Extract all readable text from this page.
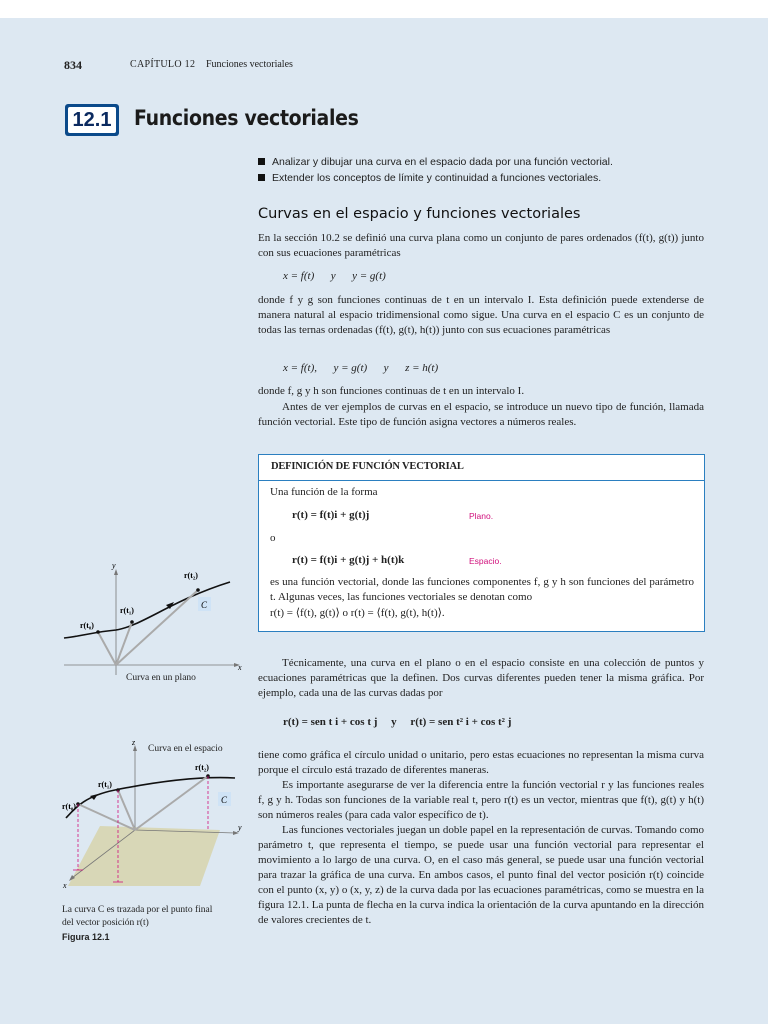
834	CAPÍTULO 12 Funciones vectoriales
12.1 Funciones vectoriales
Analizar y dibujar una curva en el espacio dada por una función vectorial.
Extender los conceptos de límite y continuidad a funciones vectoriales.
Curvas en el espacio y funciones vectoriales
En la sección 10.2 se definió una curva plana como un conjunto de pares ordenados (f(t), g(t)) junto con sus ecuaciones paramétricas
x = f(t)      y      y = g(t)
donde f y g son funciones continuas de t en un intervalo I. Esta definición puede extenderse de manera natural al espacio tridimensional como sigue. Una curva en el espacio C es un conjunto de todas las ternas ordenadas (f(t), g(t), h(t)) junto con sus ecuaciones paramétricas
x = f(t),      y = g(t)      y      z = h(t)
donde f, g y h son funciones continuas de t en un intervalo I.
Antes de ver ejemplos de curvas en el espacio, se introduce un nuevo tipo de función, llamada función vectorial. Este tipo de función asigna vectores a números reales.
DEFINICIÓN DE FUNCIÓN VECTORIAL
Una función de la forma
r(t) = f(t)i + g(t)j	Plano.
o
r(t) = f(t)i + g(t)j + h(t)k	Espacio.
es una función vectorial, donde las funciones componentes f, g y h son funciones del parámetro t. Algunas veces, las funciones vectoriales se denotan como
r(t) = ⟨f(t), g(t)⟩ o r(t) = ⟨f(t), g(t), h(t)⟩.
Técnicamente, una curva en el plano o en el espacio consiste en una colección de puntos y ecuaciones paramétricas que la definen. Dos curvas diferentes pueden tener la misma gráfica. Por ejemplo, cada una de las curvas dadas por
r(t) = sen t i + cos t j     y     r(t) = sen t² i + cos t² j
tiene como gráfica el círculo unidad o unitario, pero estas ecuaciones no representan la misma curva porque el círculo está trazado de diferentes maneras.
Es importante asegurarse de ver la diferencia entre la función vectorial r y las funciones reales f, g y h. Todas son funciones de la variable real t, pero r(t) es un vector, mientras que f(t), g(t) y h(t) son números reales (para cada valor específico de t).
Las funciones vectoriales juegan un doble papel en la representación de curvas. Tomando como parámetro t, que representa el tiempo, se puede usar una función vectorial para representar el movimiento a lo largo de una curva. O, en el caso más general, se puede usar una función vectorial para trazar la gráfica de una curva. En ambos casos, el punto final del vector posición r(t) coincide con el punto (x, y) o (x, y, z) de la curva dada por las ecuaciones paramétricas, como se muestra en la figura 12.1. La punta de flecha en la curva indica la orientación de la curva apuntando en la dirección de valores crecientes de t.
x
y
r(t₀)
r(t₁)
r(t₂)
C
Curva en un plano
z
y
x
r(t₀)
r(t₁)
r(t₂)
C
Curva en el espacio
La curva C es trazada por el punto final
del vector posición r(t)
Figura 12.1
